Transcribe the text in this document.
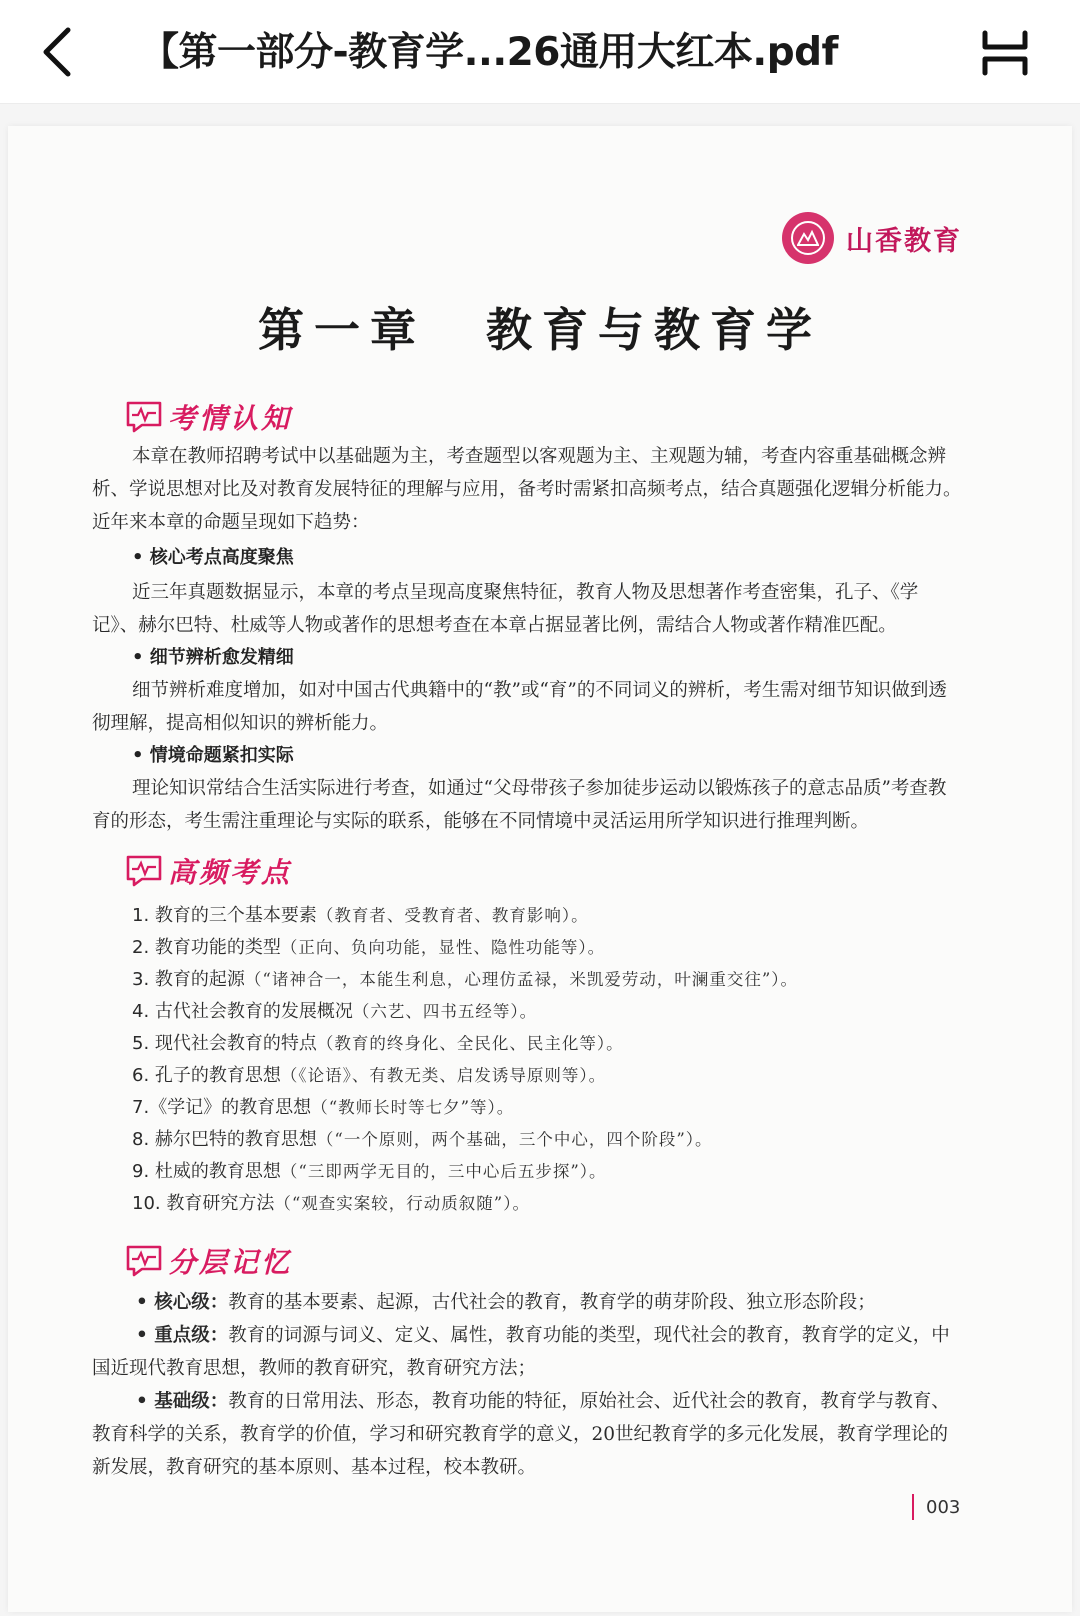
【第一部分-教育学...26通用大红本.pdf
山香教育
第一章 教育与教育学
考情认知

本章在教师招聘考试中以基础题为主，考查题型以客观题为主、主观题为辅，考查内容重基础概念辨析、学说思想对比及对教育发展特征的理解与应用，备考时需紧扣高频考点，结合真题强化逻辑分析能力。近年来本章的命题呈现如下趋势：

• 核心考点高度聚焦

近三年真题数据显示，本章的考点呈现高度聚焦特征，教育人物及思想著作考查密集，孔子、《学记》、赫尔巴特、杜威等人物或著作的思想考查在本章占据显著比例，需结合人物或著作精准匹配。

• 细节辨析愈发精细

细节辨析难度增加，如对中国古代典籍中的“教”或“育”的不同词义的辨析，考生需对细节知识做到透彻理解，提高相似知识的辨析能力。

• 情境命题紧扣实际

理论知识常结合生活实际进行考查，如通过“父母带孩子参加徒步运动以锻炼孩子的意志品质”考查教育的形态，考生需注重理论与实际的联系，能够在不同情境中灵活运用所学知识进行推理判断。

高频考点
1. 教育的三个基本要素（教育者、受教育者、教育影响）。
2. 教育功能的类型（正向、负向功能，显性、隐性功能等）。
3. 教育的起源（“诸神合一，本能生利息，心理仿孟禄，米凯爱劳动，叶澜重交往”）。
4. 古代社会教育的发展概况（六艺、四书五经等）。
5. 现代社会教育的特点（教育的终身化、全民化、民主化等）。
6. 孔子的教育思想（《论语》、有教无类、启发诱导原则等）。
7.《学记》的教育思想（“教师长时等七夕”等）。
8. 赫尔巴特的教育思想（“一个原则，两个基础，三个中心，四个阶段”）。
9. 杜威的教育思想（“三即两学无目的，三中心后五步探”）。
10. 教育研究方法（“观查实案较，行动质叙随”）。
分层记忆

• 核心级：教育的基本要素、起源，古代社会的教育，教育学的萌芽阶段、独立形态阶段；

• 重点级：教育的词源与词义、定义、属性，教育功能的类型，现代社会的教育，教育学的定义，中国近现代教育思想，教师的教育研究，教育研究方法；

• 基础级：教育的日常用法、形态，教育功能的特征，原始社会、近代社会的教育，教育学与教育、教育科学的关系，教育学的价值，学习和研究教育学的意义，20世纪教育学的多元化发展，教育学理论的新发展，教育研究的基本原则、基本过程，校本教研。

003
